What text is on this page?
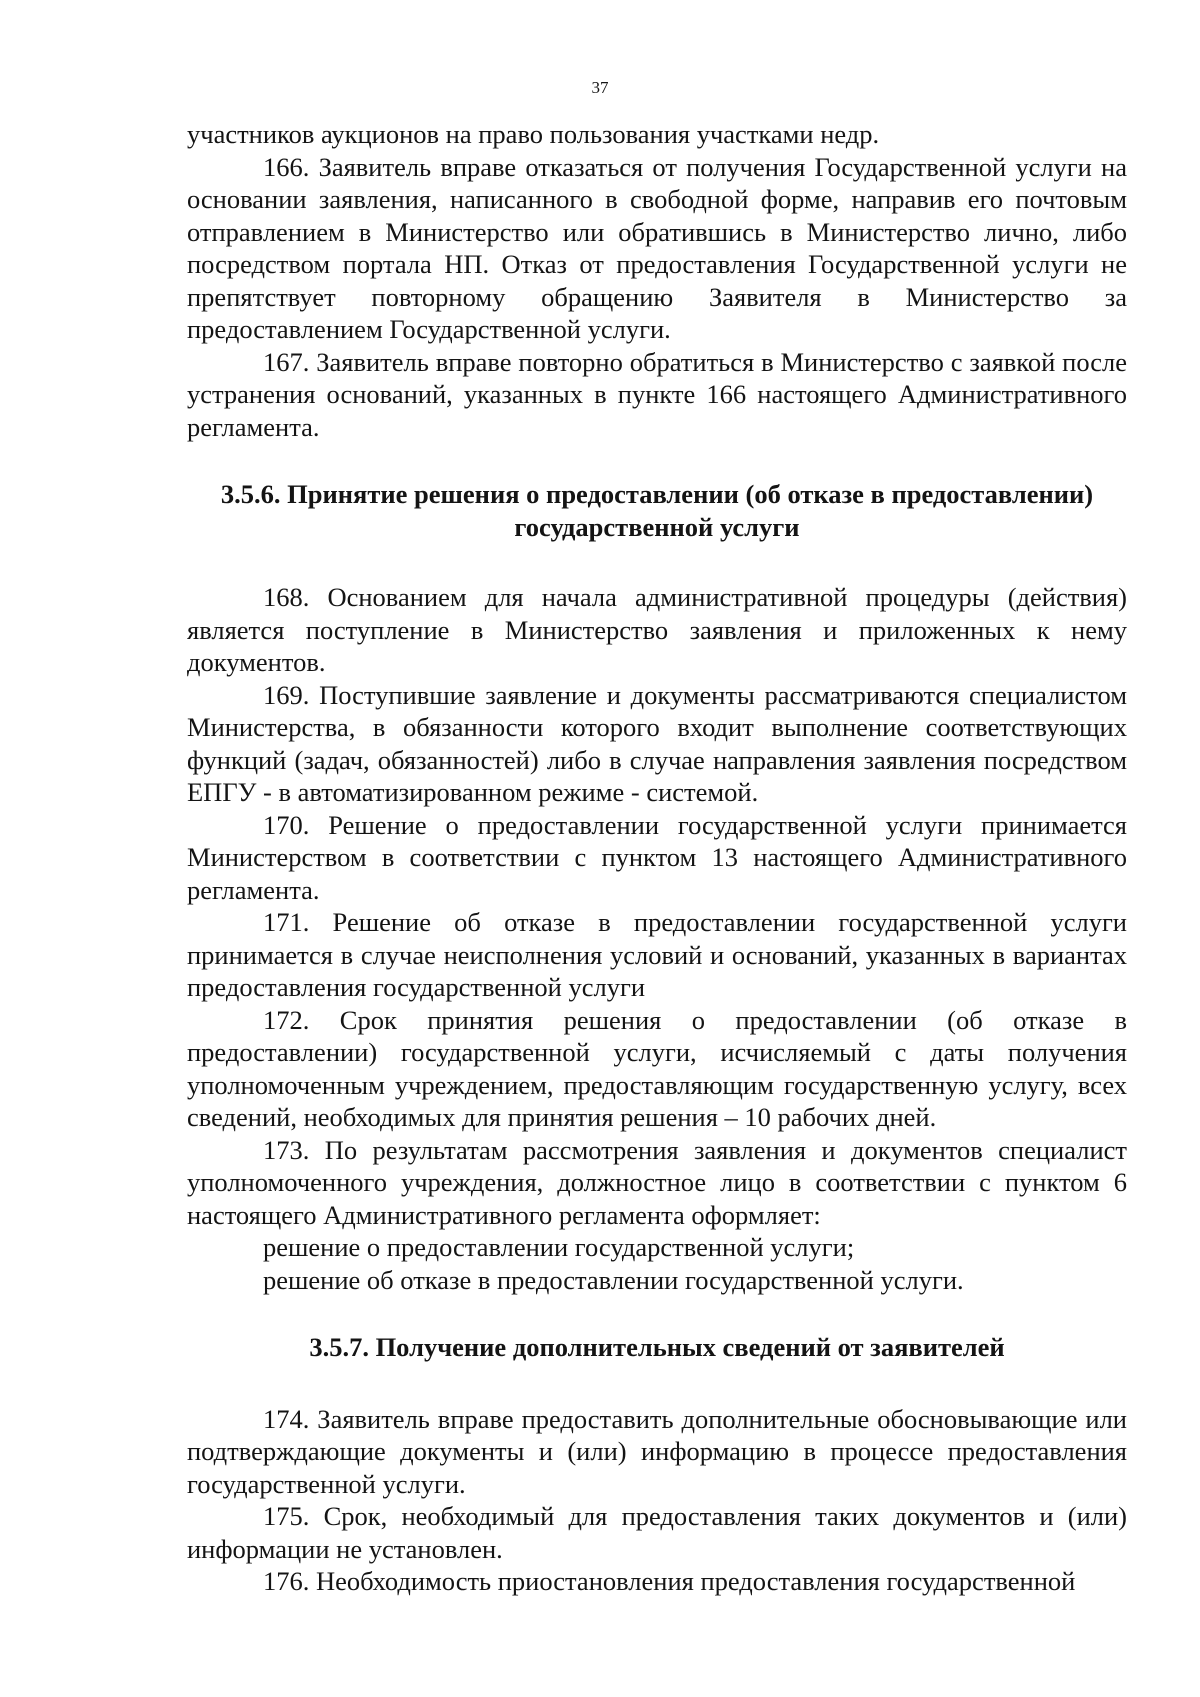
37

участников аукционов на право пользования участками недр.

166. Заявитель вправе отказаться от получения Государственной услуги на основании заявления, написанного в свободной форме, направив его почтовым отправлением в Министерство или обратившись в Министерство лично, либо посредством портала НП. Отказ от предоставления Государственной услуги не препятствует повторному обращению Заявителя в Министерство за предоставлением Государственной услуги.

167. Заявитель вправе повторно обратиться в Министерство с заявкой после устранения оснований, указанных в пункте 166 настоящего Административного регламента.

3.5.6. Принятие решения о предоставлении (об отказе в предоставлении) государственной услуги

168. Основанием для начала административной процедуры (действия) является поступление в Министерство заявления и приложенных к нему документов.

169. Поступившие заявление и документы рассматриваются специалистом Министерства, в обязанности которого входит выполнение соответствующих функций (задач, обязанностей) либо в случае направления заявления посредством ЕПГУ - в автоматизированном режиме - системой.

170. Решение о предоставлении государственной услуги принимается Министерством в соответствии с пунктом 13 настоящего Административного регламента.

171. Решение об отказе в предоставлении государственной услуги принимается в случае неисполнения условий и оснований, указанных в вариантах предоставления государственной услуги

172. Срок принятия решения о предоставлении (об отказе в предоставлении) государственной услуги, исчисляемый с даты получения уполномоченным учреждением, предоставляющим государственную услугу, всех сведений, необходимых для принятия решения – 10 рабочих дней.

173. По результатам рассмотрения заявления и документов специалист уполномоченного учреждения, должностное лицо в соответствии с пунктом 6 настоящего Административного регламента оформляет:

решение о предоставлении государственной услуги;

решение об отказе в предоставлении государственной услуги.

3.5.7. Получение дополнительных сведений от заявителей

174. Заявитель вправе предоставить дополнительные обосновывающие или подтверждающие документы и (или) информацию в процессе предоставления государственной услуги.

175. Срок, необходимый для предоставления таких документов и (или) информации не установлен.

176. Необходимость приостановления предоставления государственной
